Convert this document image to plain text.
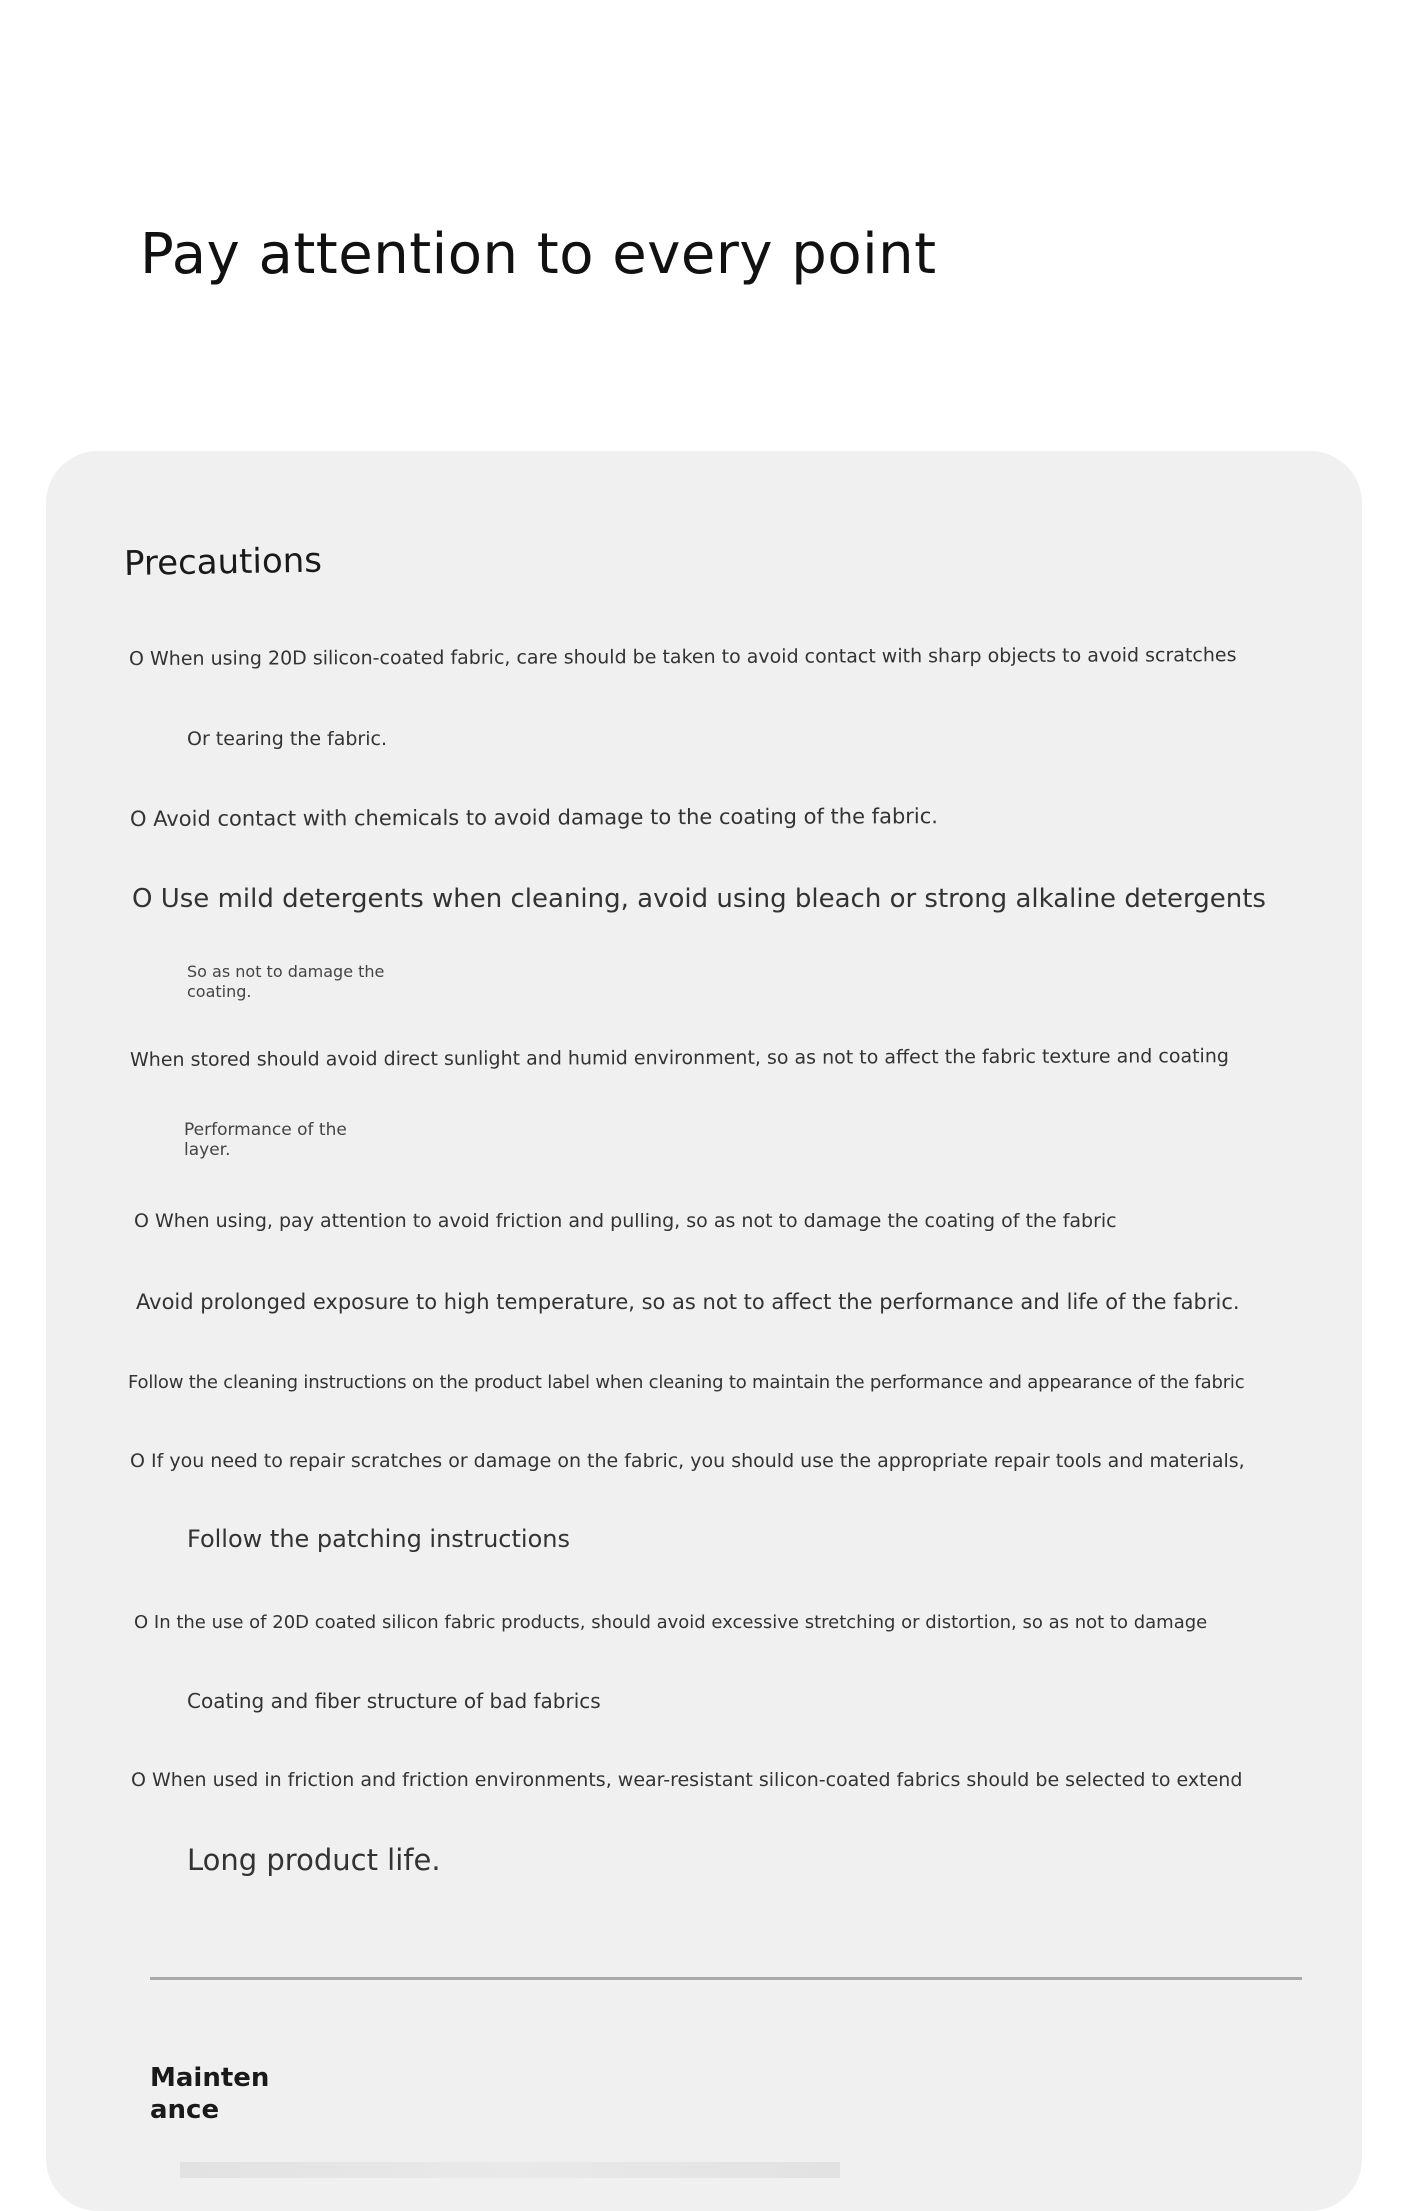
Pay attention to every point
Precautions

O When using 20D silicon-coated fabric, care should be taken to avoid contact with sharp objects to avoid scratches

Or tearing the fabric.

O Avoid contact with chemicals to avoid damage to the coating of the fabric.

O Use mild detergents when cleaning, avoid using bleach or strong alkaline detergents

So as not to damage the coating.

When stored should avoid direct sunlight and humid environment, so as not to affect the fabric texture and coating

Performance of the layer.

O When using, pay attention to avoid friction and pulling, so as not to damage the coating of the fabric

Avoid prolonged exposure to high temperature, so as not to affect the performance and life of the fabric.

Follow the cleaning instructions on the product label when cleaning to maintain the performance and appearance of the fabric

O If you need to repair scratches or damage on the fabric, you should use the appropriate repair tools and materials,

Follow the patching instructions

O In the use of 20D coated silicon fabric products, should avoid excessive stretching or distortion, so as not to damage

Coating and fiber structure of bad fabrics

O When used in friction and friction environments, wear-resistant silicon-coated fabrics should be selected to extend

Long product life.

Mainten ance
